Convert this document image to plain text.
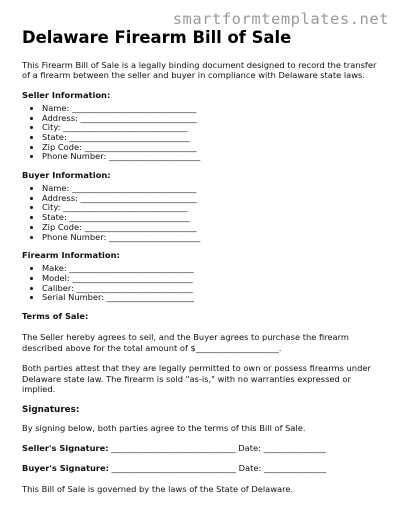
smartformtemplates.net
Delaware Firearm Bill of Sale

This Firearm Bill of Sale is a legally binding document designed to record the transfer of a firearm between the seller and buyer in compliance with Delaware state laws.

Seller Information:
• Name: ______________________________
• Address: ____________________________
• City: ______________________________
• State: _____________________________
• Zip Code: ___________________________
• Phone Number: ______________________
Buyer Information:
• Name: ______________________________
• Address: ____________________________
• City: ______________________________
• State: _____________________________
• Zip Code: ___________________________
• Phone Number: ______________________
Firearm Information:
• Make: ______________________________
• Model: _____________________________
• Caliber: ____________________________
• Serial Number: _____________________
Terms of Sale:

The Seller hereby agrees to sell, and the Buyer agrees to purchase the firearm described above for the total amount of $____________________.

Both parties attest that they are legally permitted to own or possess firearms under Delaware state law. The firearm is sold "as-is," with no warranties expressed or implied.

Signatures:

By signing below, both parties agree to the terms of this Bill of Sale.

Seller's Signature: ______________________________ Date: _______________
Buyer's Signature: ______________________________ Date: _______________

This Bill of Sale is governed by the laws of the State of Delaware.
